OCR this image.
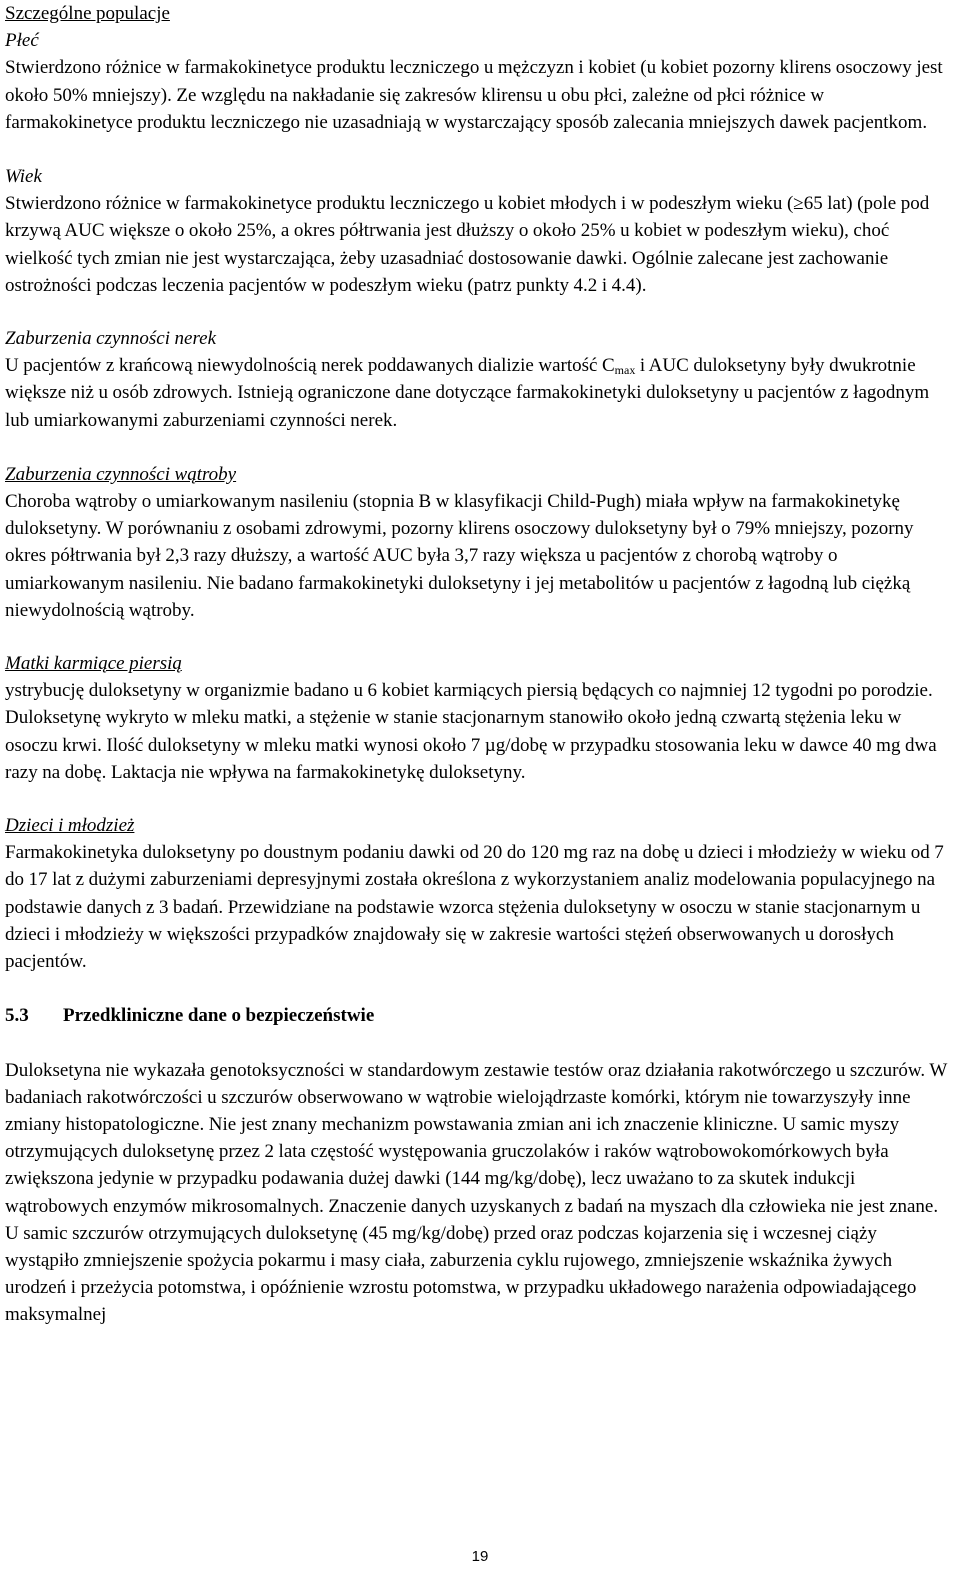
Szczególne populacje

Płeć

Stwierdzono różnice w farmakokinetyce produktu leczniczego u mężczyzn i kobiet (u kobiet pozorny klirens osoczowy jest około 50% mniejszy). Ze względu na nakładanie się zakresów klirensu u obu płci, zależne od płci różnice w farmakokinetyce produktu leczniczego nie uzasadniają w wystarczający sposób zalecania mniejszych dawek pacjentkom.

Wiek

Stwierdzono różnice w farmakokinetyce produktu leczniczego u kobiet młodych i w podeszłym wieku (≥65 lat) (pole pod krzywą AUC większe o około 25%, a okres półtrwania jest dłuższy o około 25% u kobiet w podeszłym wieku), choć wielkość tych zmian nie jest wystarczająca, żeby uzasadniać dostosowanie dawki. Ogólnie zalecane jest zachowanie ostrożności podczas leczenia pacjentów w podeszłym wieku (patrz punkty 4.2 i 4.4).

Zaburzenia czynności nerek

U pacjentów z krańcową niewydolnością nerek poddawanych dializie wartość $C_{max}$ i AUC duloksetyny były dwukrotnie większe niż u osób zdrowych. Istnieją ograniczone dane dotyczące farmakokinetyki duloksetyny u pacjentów z łagodnym lub umiarkowanymi zaburzeniami czynności nerek.

Zaburzenia czynności wątroby

Choroba wątroby o umiarkowanym nasileniu (stopnia B w klasyfikacji Child-Pugh) miała wpływ na farmakokinetykę duloksetyny. W porównaniu z osobami zdrowymi, pozorny klirens osoczowy duloksetyny był o 79% mniejszy, pozorny okres półtrwania był 2,3 razy dłuższy, a wartość AUC była 3,7 razy większa u pacjentów z chorobą wątroby o umiarkowanym nasileniu. Nie badano farmakokinetyki duloksetyny i jej metabolitów u pacjentów z łagodną lub ciężką niewydolnością wątroby.

Matki karmiące piersią

ystrybucję duloksetyny w organizmie badano u 6 kobiet karmiących piersią będących co najmniej 12 tygodni po porodzie. Duloksetynę wykryto w mleku matki, a stężenie w stanie stacjonarnym stanowiło około jedną czwartą stężenia leku w osoczu krwi. Ilość duloksetyny w mleku matki wynosi około 7 µg/dobę w przypadku stosowania leku w dawce 40 mg dwa razy na dobę. Laktacja nie wpływa na farmakokinetykę duloksetyny.

Dzieci i młodzież

Farmakokinetyka duloksetyny po doustnym podaniu dawki od 20 do 120 mg raz na dobę u dzieci i młodzieży w wieku od 7 do 17 lat z dużymi zaburzeniami depresyjnymi została określona z wykorzystaniem analiz modelowania populacyjnego na podstawie danych z 3 badań. Przewidziane na podstawie wzorca stężenia duloksetyny w osoczu w stanie stacjonarnym u dzieci i młodzieży w większości przypadków znajdowały się w zakresie wartości stężeń obserwowanych u dorosłych pacjentów.

5.3	Przedkliniczne dane o bezpieczeństwie

Duloksetyna nie wykazała genotoksyczności w standardowym zestawie testów oraz działania rakotwórczego u szczurów. W badaniach rakotwórczości u szczurów obserwowano w wątrobie wielojądrzaste komórki, którym nie towarzyszyły inne zmiany histopatologiczne. Nie jest znany mechanizm powstawania zmian ani ich znaczenie kliniczne. U samic myszy otrzymujących duloksetynę przez 2 lata częstość występowania gruczolaków i raków wątrobowokomórkowych była zwiększona jedynie w przypadku podawania dużej dawki (144 mg/kg/dobę), lecz uważano to za skutek indukcji wątrobowych enzymów mikrosomalnych. Znaczenie danych uzyskanych z badań na myszach dla człowieka nie jest znane. U samic szczurów otrzymujących duloksetynę (45 mg/kg/dobę) przed oraz podczas kojarzenia się i wczesnej ciąży wystąpiło zmniejszenie spożycia pokarmu i masy ciała, zaburzenia cyklu rujowego, zmniejszenie wskaźnika żywych urodzeń i przeżycia potomstwa, i opóźnienie wzrostu potomstwa, w przypadku układowego narażenia odpowiadającego maksymalnej

19
